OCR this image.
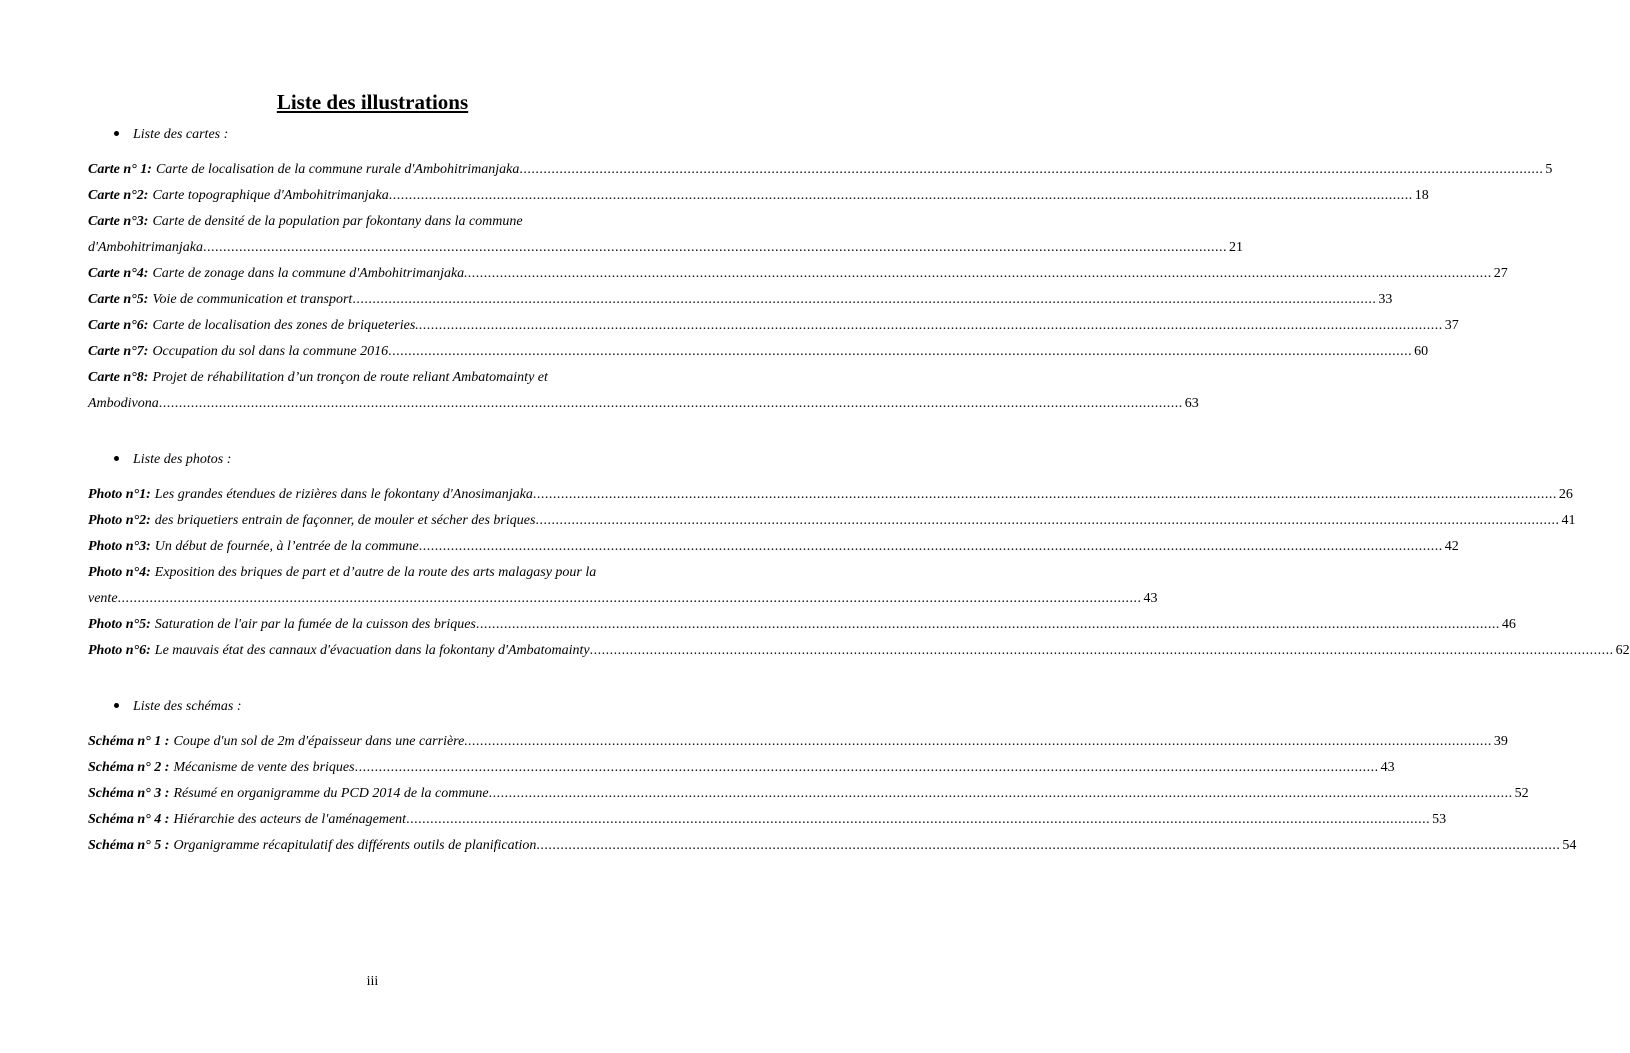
Liste des illustrations
Liste des cartes :
Carte n° 1: Carte de localisation de la commune rurale d'Ambohitrimanjaka .....	5
Carte n°2: Carte topographique d'Ambohitrimanjaka .....	18
Carte n°3: Carte de densité de la population par fokontany dans la commune
d'Ambohitrimanjaka .....	21
Carte n°4: Carte de zonage dans la commune d'Ambohitrimanjaka. .....	27
Carte n°5: Voie de communication et transport .....	33
Carte n°6: Carte de localisation des zones de briqueteries. .....	37
Carte n°7: Occupation du sol dans la commune 2016 .....	60
Carte n°8: Projet de réhabilitation d’un tronçon de route reliant Ambatomainty et
Ambodivona .....	63
Liste des photos :
Photo n°1: Les grandes étendues de rizières dans le fokontany d'Anosimanjaka .....	26
Photo n°2: des briquetiers entrain de façonner, de mouler et sécher des briques .....	41
Photo n°3: Un début de fournée, à l’entrée de la commune .....	42
Photo n°4: Exposition des briques de part et d’autre de la route des arts malagasy pour la
vente .....	43
Photo n°5: Saturation de l'air par la fumée de la cuisson des briques .....	46
Photo n°6: Le mauvais état des cannaux d'évacuation dans la fokontany d'Ambatomainty .....	62
Liste des schémas :
Schéma n° 1 : Coupe d'un sol de 2m d'épaisseur dans une carrière. .....	39
Schéma n° 2 : Mécanisme de vente des briques .....	43
Schéma n° 3 : Résumé en organigramme du PCD 2014 de la commune .....	52
Schéma n° 4 : Hiérarchie des acteurs de l'aménagement .....	53
Schéma n° 5 : Organigramme récapitulatif des différents outils de planification .....	54
iii
